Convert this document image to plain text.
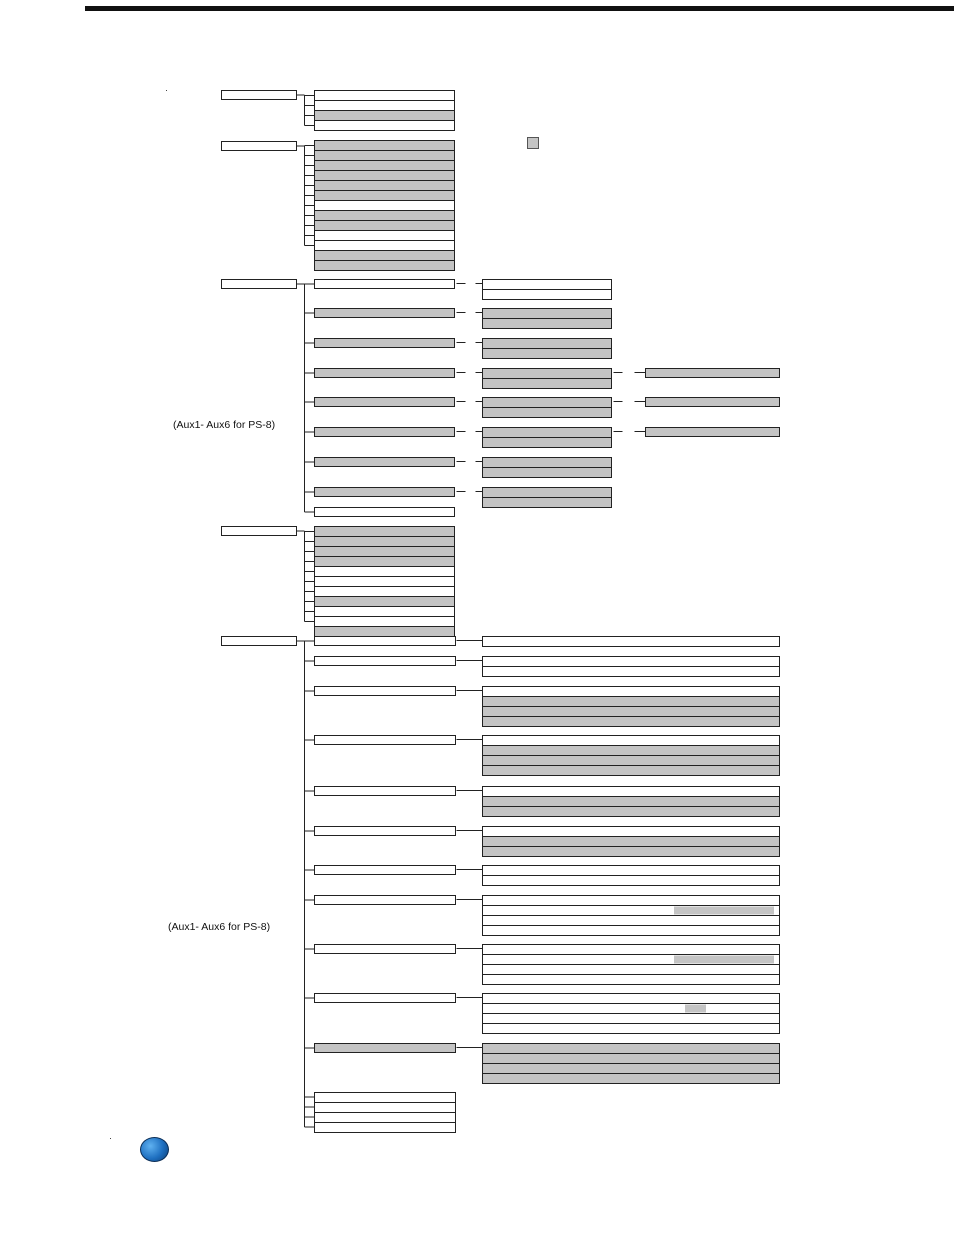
(Aux1- Aux6 for PS-8)
(Aux1- Aux6 for PS-8)
